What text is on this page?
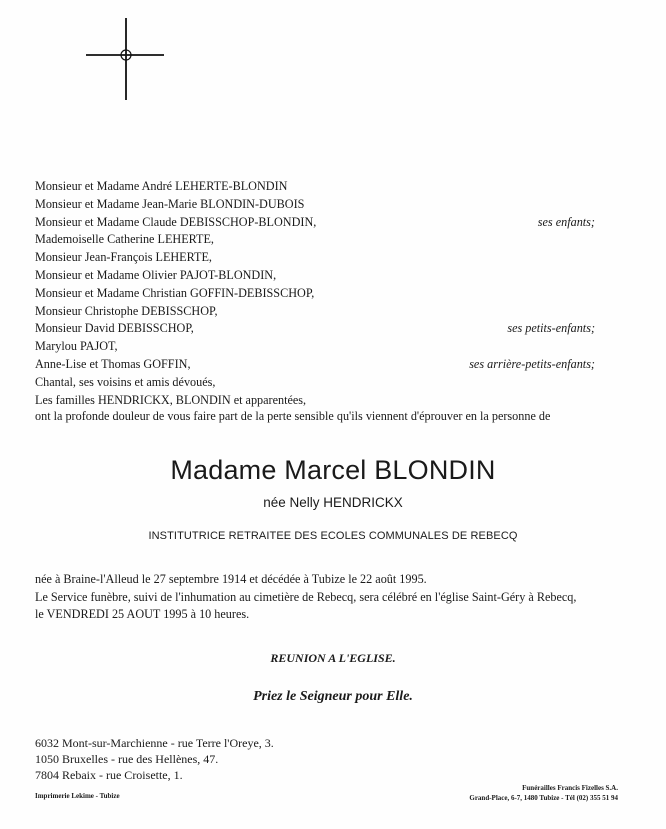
Monsieur et Madame André LEHERTE-BLONDIN
Monsieur et Madame Jean-Marie BLONDIN-DUBOIS
Monsieur et Madame Claude DEBISSCHOP-BLONDIN,	ses enfants;
Mademoiselle Catherine LEHERTE,
Monsieur Jean-François LEHERTE,
Monsieur et Madame Olivier PAJOT-BLONDIN,
Monsieur et Madame Christian GOFFIN-DEBISSCHOP,
Monsieur Christophe DEBISSCHOP,
Monsieur David DEBISSCHOP,	ses petits-enfants;
Marylou PAJOT,
Anne-Lise et Thomas GOFFIN,	ses arrière-petits-enfants;
Chantal, ses voisins et amis dévoués,
Les familles HENDRICKX, BLONDIN et apparentées,
ont la profonde douleur de vous faire part de la perte sensible qu'ils viennent d'éprouver en la personne de
Madame Marcel BLONDIN
née Nelly HENDRICKX
INSTITUTRICE RETRAITEE DES ECOLES COMMUNALES DE REBECQ
née à Braine-l'Alleud le 27 septembre 1914 et décédée à Tubize le 22 août 1995.
Le Service funèbre, suivi de l'inhumation au cimetière de Rebecq, sera célébré en l'église Saint-Géry à Rebecq,
le VENDREDI 25 AOUT 1995 à 10 heures.
REUNION A L'EGLISE.
Priez le Seigneur pour Elle.
6032 Mont-sur-Marchienne - rue Terre l'Oreye, 3.
1050 Bruxelles - rue des Hellènes, 47.
7804 Rebaix - rue Croisette, 1.
Imprimerie Lekime - Tubize
Funérailles Francis Fizelles S.A.
Grand-Place, 6-7, 1480 Tubize - Tél (02) 355 51 94
